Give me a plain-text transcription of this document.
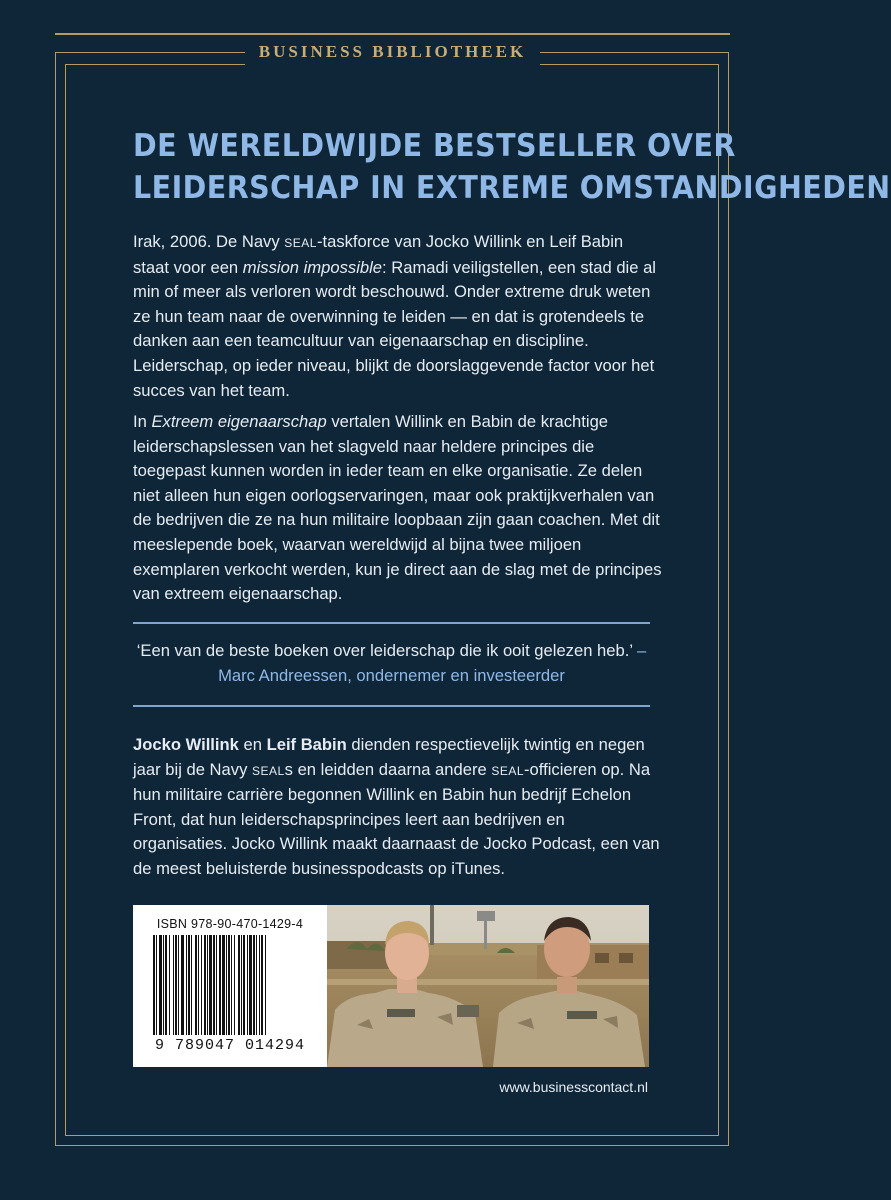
BUSINESS BIBLIOTHEEK
DE WERELDWIJDE BESTSELLER OVER
LEIDERSCHAP IN EXTREME OMSTANDIGHEDEN
Irak, 2006. De Navy SEAL-taskforce van Jocko Willink en Leif Babin staat voor een mission impossible: Ramadi veiligstellen, een stad die al min of meer als verloren wordt beschouwd. Onder extreme druk weten ze hun team naar de overwinning te leiden — en dat is grotendeels te danken aan een teamcultuur van eigenaarschap en discipline. Leiderschap, op ieder niveau, blijkt de doorslaggevende factor voor het succes van het team.
In Extreem eigenaarschap vertalen Willink en Babin de krachtige leiderschapslessen van het slagveld naar heldere principes die toegepast kunnen worden in ieder team en elke organisatie. Ze delen niet alleen hun eigen oorlogservaringen, maar ook praktijkverhalen van de bedrijven die ze na hun militaire loopbaan zijn gaan coachen. Met dit meeslepende boek, waarvan wereldwijd al bijna twee miljoen exemplaren verkocht werden, kun je direct aan de slag met de principes van extreem eigenaarschap.
‘Een van de beste boeken over leiderschap die ik ooit gelezen heb.’ – Marc Andreessen, ondernemer en investeerder
Jocko Willink en Leif Babin dienden respectievelijk twintig en negen jaar bij de Navy SEALs en leidden daarna andere SEAL-officieren op. Na hun militaire carrière begonnen Willink en Babin hun bedrijf Echelon Front, dat hun leiderschapsprincipes leert aan bedrijven en organisaties. Jocko Willink maakt daarnaast de Jocko Podcast, een van de meest beluisterde businesspodcasts op iTunes.
ISBN 978-90-470-1429-4
9 789047 014294
www.businesscontact.nl
